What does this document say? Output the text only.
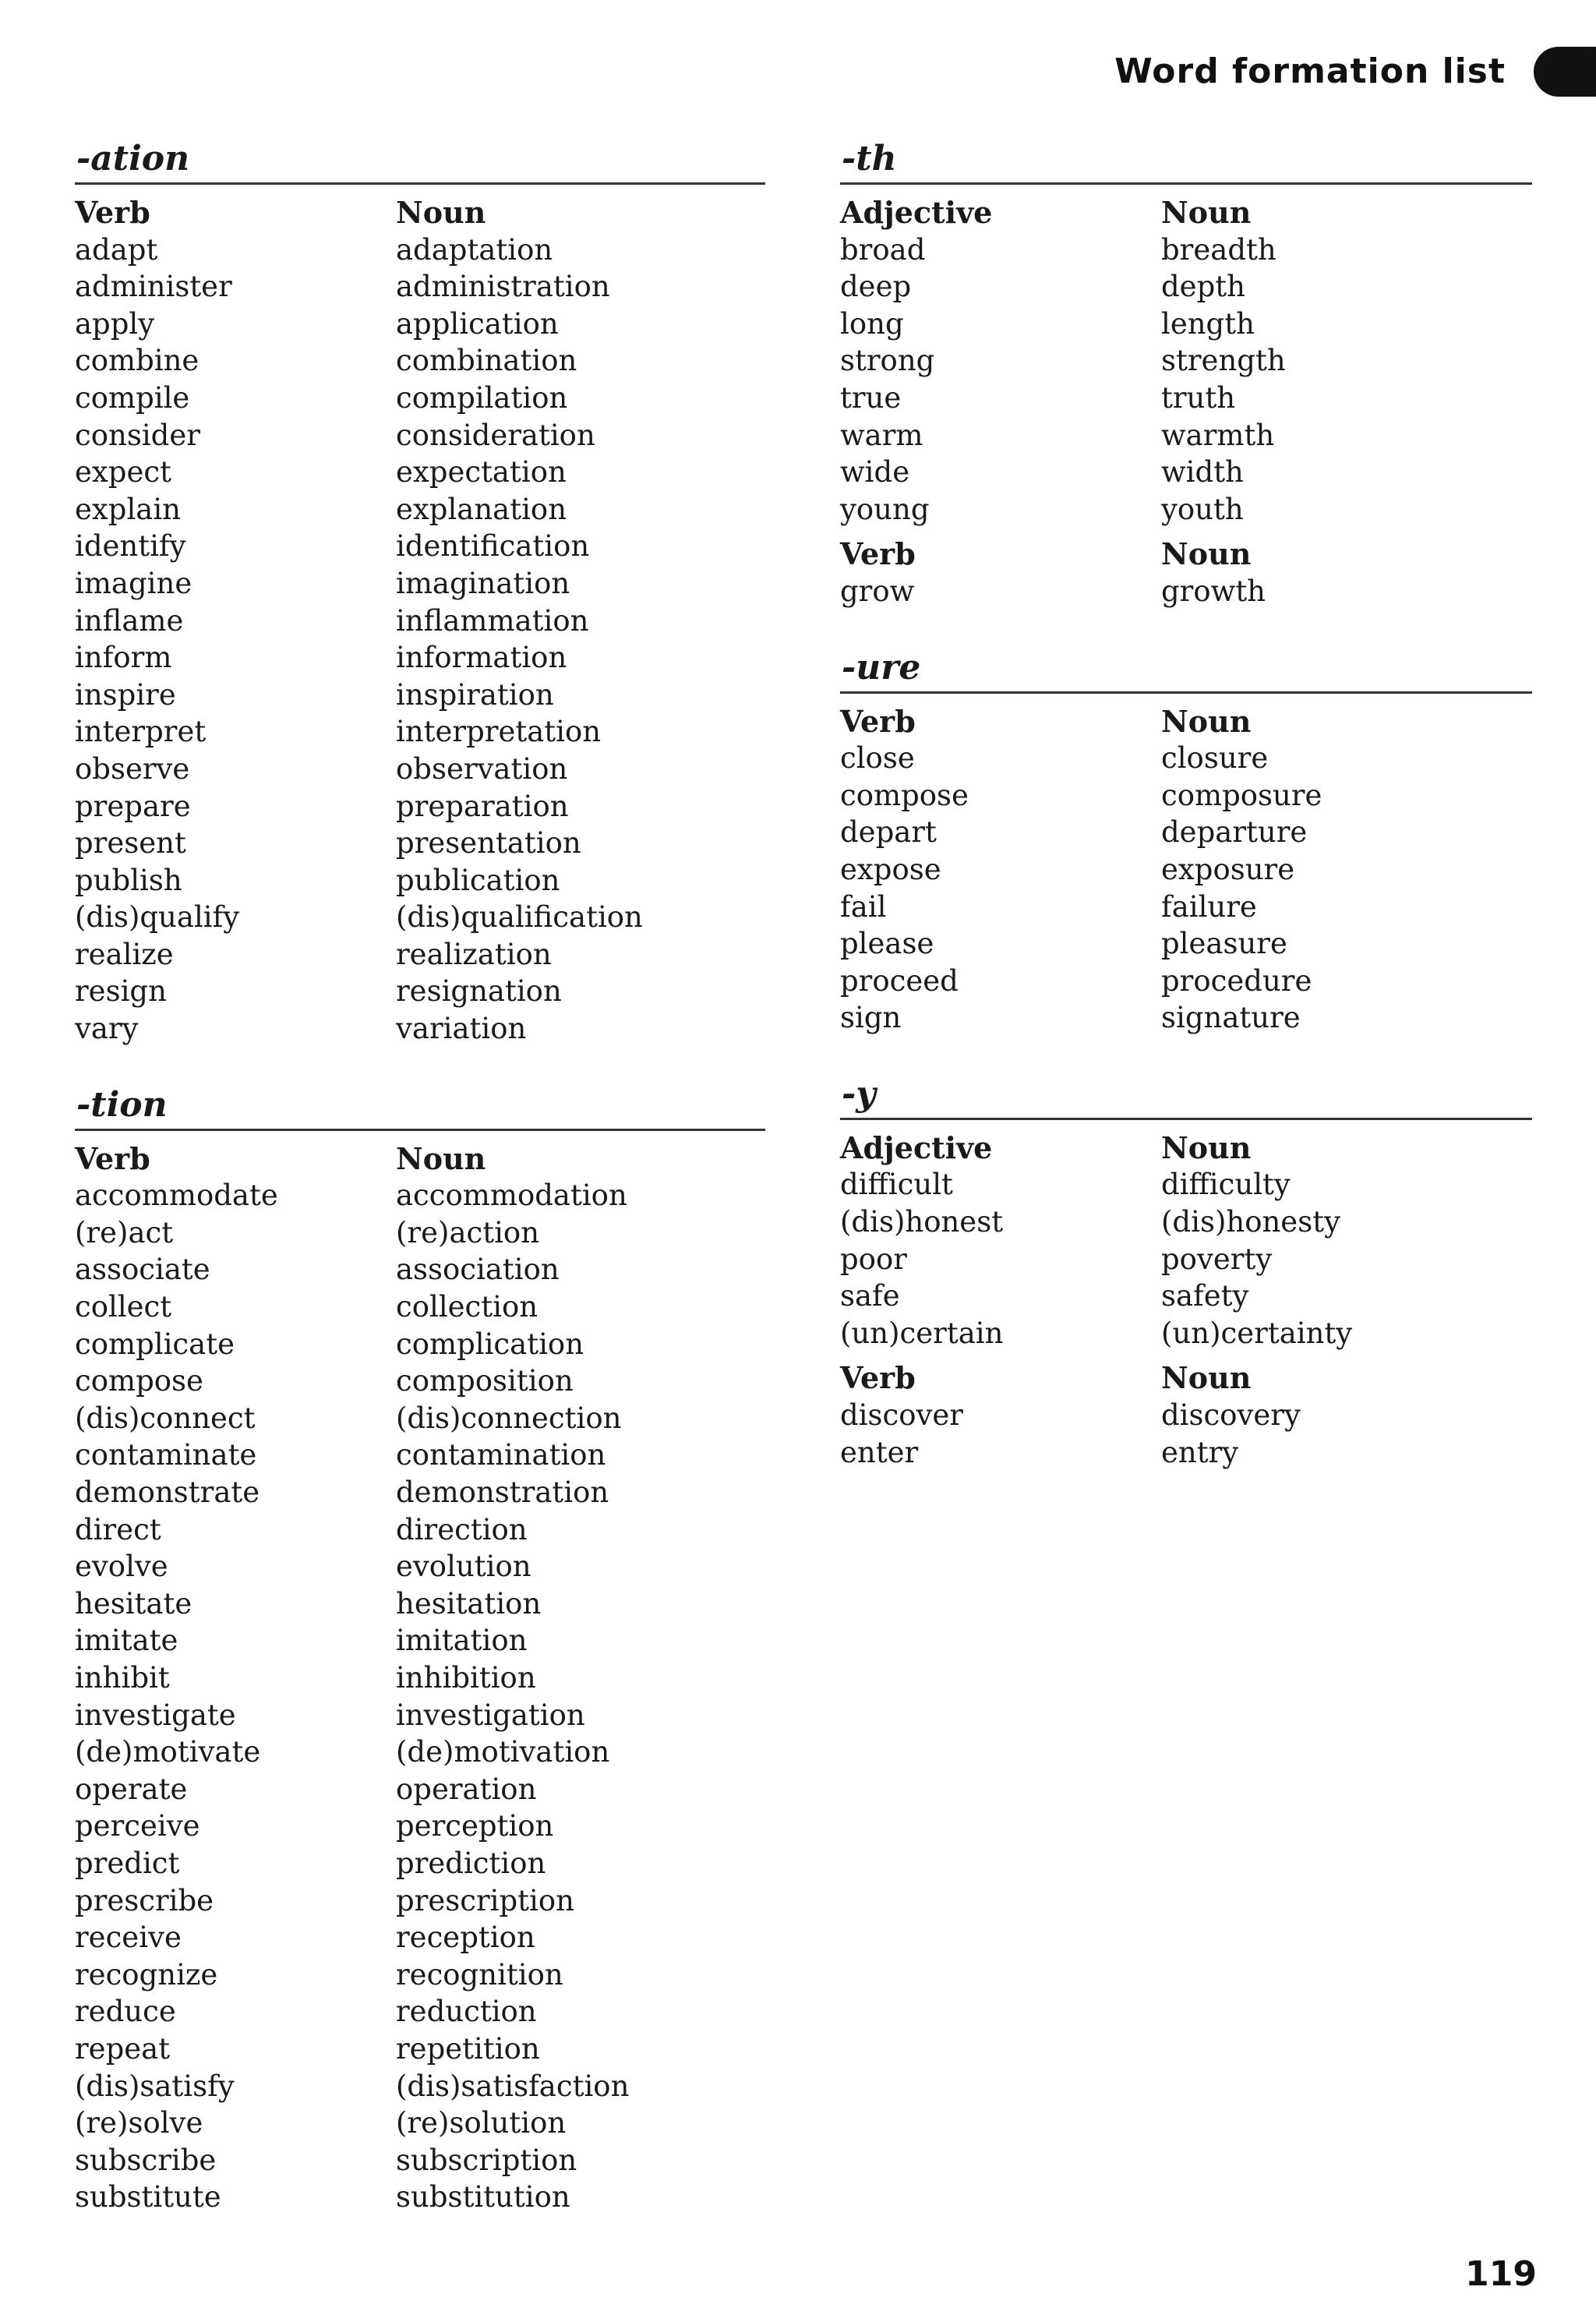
Word formation list
-ation
Verb	Noun
adapt	adaptation
administer	administration
apply	application
combine	combination
compile	compilation
consider	consideration
expect	expectation
explain	explanation
identify	identification
imagine	imagination
inflame	inflammation
inform	information
inspire	inspiration
interpret	interpretation
observe	observation
prepare	preparation
present	presentation
publish	publication
(dis)qualify	(dis)qualification
realize	realization
resign	resignation
vary	variation
-tion
Verb	Noun
accommodate	accommodation
(re)act	(re)action
associate	association
collect	collection
complicate	complication
compose	composition
(dis)connect	(dis)connection
contaminate	contamination
demonstrate	demonstration
direct	direction
evolve	evolution
hesitate	hesitation
imitate	imitation
inhibit	inhibition
investigate	investigation
(de)motivate	(de)motivation
operate	operation
perceive	perception
predict	prediction
prescribe	prescription
receive	reception
recognize	recognition
reduce	reduction
repeat	repetition
(dis)satisfy	(dis)satisfaction
(re)solve	(re)solution
subscribe	subscription
substitute	substitution
-th
Adjective	Noun
broad	breadth
deep	depth
long	length
strong	strength
true	truth
warm	warmth
wide	width
young	youth
Verb	Noun
grow	growth
-ure
Verb	Noun
close	closure
compose	composure
depart	departure
expose	exposure
fail	failure
please	pleasure
proceed	procedure
sign	signature
-y
Adjective	Noun
difficult	difficulty
(dis)honest	(dis)honesty
poor	poverty
safe	safety
(un)certain	(un)certainty
Verb	Noun
discover	discovery
enter	entry
119
